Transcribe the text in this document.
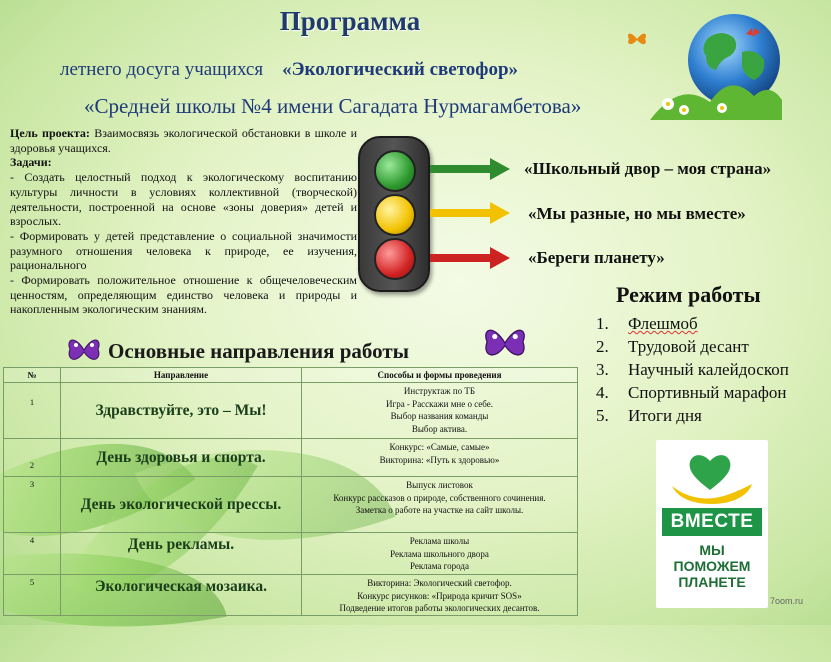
Программа
летнего досуга учащихся «Экологический светофор»
«Средней школы №4 имени Сагадата Нурмагамбетова»
Цель проекта: Взаимосвязь экологической обстановки в школе и здоровья учащихся.
Задачи:
- Создать целостный подход к экологическому воспитанию культуры личности в условиях коллективной (творческой) деятельности, построенной на основе «зоны доверия» детей и взрослых.
- Формировать у детей представление о социальной значимости разумного отношения человека к природе, ее изучения, рационального
- Формировать положительное отношение к общечеловеческим ценностям, определяющим единство человека и природы и накопленным экологическим знаниям.
«Школьный двор – моя страна»
«Мы разные, но мы вместе»
«Береги планету»
Режим работы
1. Флешмоб
2. Трудовой десант
3. Научный калейдоскоп
4. Спортивный марафон
5. Итоги дня
Основные направления работы
№	Направление	Способы и формы проведения
1	Здравствуйте, это – Мы!	Инструктаж по ТБ
Игра - Расскажи мне о себе.
Выбор названия команды
Выбор актива.

2	День здоровья и спорта.	Конкурс: «Самые, самые»
Викторина: «Путь к здоровью»

3	День экологической прессы.	Выпуск листовок
Конкурс рассказов о природе, собственного сочинения.
Заметка о работе на участке на сайт школы.

4	День рекламы.	Реклама школы
Реклама школьного двора
Реклама города

5	Экологическая мозаика.	Викторина: Экологический светофор.
Конкурс рисунков: «Природа кричит SOS»
Подведение итогов работы экологических десантов.
ВМЕСТЕ
МЫ
ПОМОЖЕМ
ПЛАНЕТЕ
7oom.ru
